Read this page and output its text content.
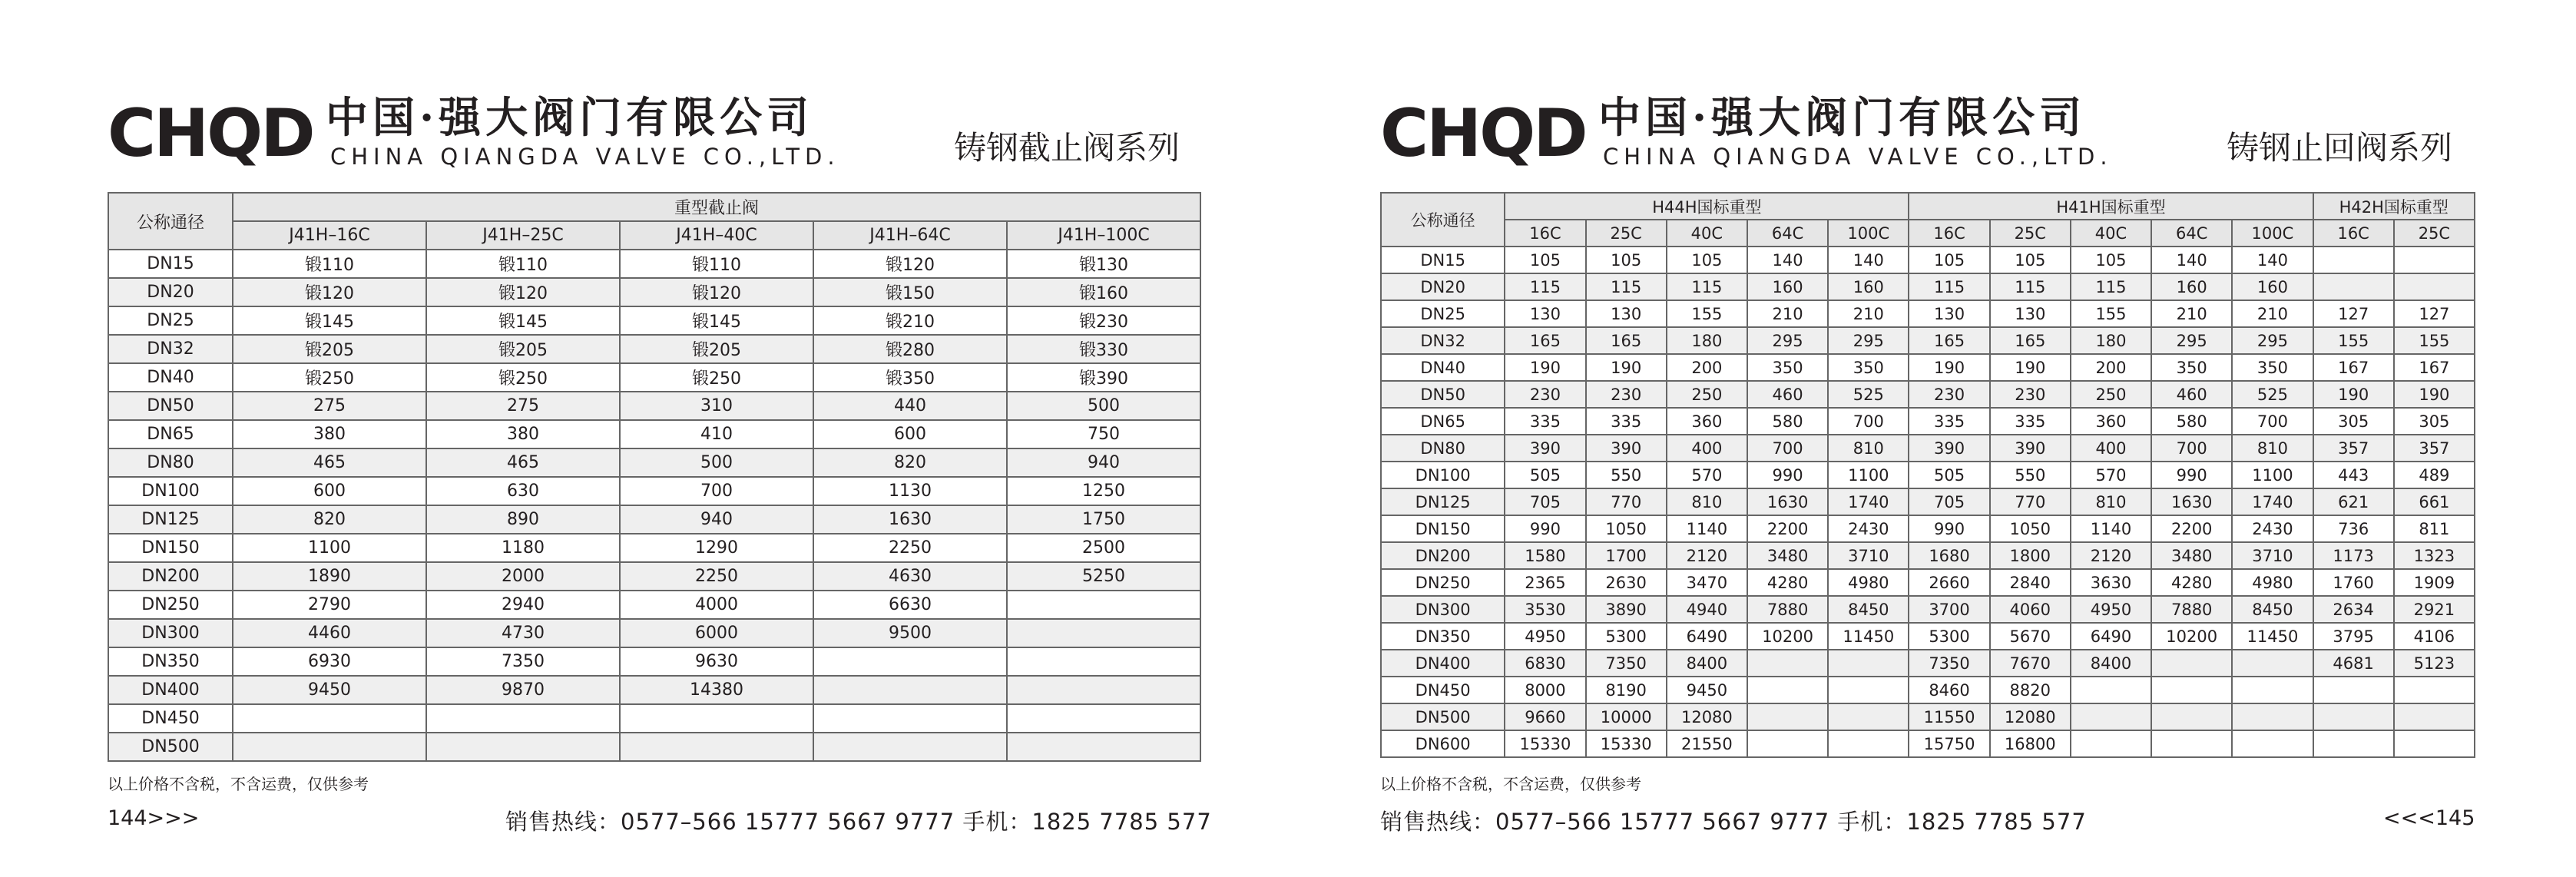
CHQD 中国·强大阀门有限公司
CHINA QIANGDA VALVE CO.,LTD.	铸钢截止阀系列
公称通径	重型截止阀				
	J41H–16C	J41H–25C	J41H–40C	J41H–64C	J41H–100C
DN15	锻110	锻110	锻110	锻120	锻130
DN20	锻120	锻120	锻120	锻150	锻160
DN25	锻145	锻145	锻145	锻210	锻230
DN32	锻205	锻205	锻205	锻280	锻330
DN40	锻250	锻250	锻250	锻350	锻390
DN50	275	275	310	440	500
DN65	380	380	410	600	750
DN80	465	465	500	820	940
DN100	600	630	700	1130	1250
DN125	820	890	940	1630	1750
DN150	1100	1180	1290	2250	2500
DN200	1890	2000	2250	4630	5250
DN250	2790	2940	4000	6630	
DN300	4460	4730	6000	9500	
DN350	6930	7350	9630		
DN400	9450	9870	14380		
DN450					
DN500					
以上价格不含税，不含运费，仅供参考
144>>>	销售热线：0577–566 15777 5667 9777 手机：1825 7785 577
CHQD 中国·强大阀门有限公司
CHINA QIANGDA VALVE CO.,LTD.	铸钢止回阀系列
公称通径	H44H国标重型					H41H国标重型					H42H国标重型	
	16C	25C	40C	64C	100C	16C	25C	40C	64C	100C	16C	25C
DN15	105	105	105	140	140	105	105	105	140	140		
DN20	115	115	115	160	160	115	115	115	160	160		
DN25	130	130	155	210	210	130	130	155	210	210	127	127
DN32	165	165	180	295	295	165	165	180	295	295	155	155
DN40	190	190	200	350	350	190	190	200	350	350	167	167
DN50	230	230	250	460	525	230	230	250	460	525	190	190
DN65	335	335	360	580	700	335	335	360	580	700	305	305
DN80	390	390	400	700	810	390	390	400	700	810	357	357
DN100	505	550	570	990	1100	505	550	570	990	1100	443	489
DN125	705	770	810	1630	1740	705	770	810	1630	1740	621	661
DN150	990	1050	1140	2200	2430	990	1050	1140	2200	2430	736	811
DN200	1580	1700	2120	3480	3710	1680	1800	2120	3480	3710	1173	1323
DN250	2365	2630	3470	4280	4980	2660	2840	3630	4280	4980	1760	1909
DN300	3530	3890	4940	7880	8450	3700	4060	4950	7880	8450	2634	2921
DN350	4950	5300	6490	10200	11450	5300	5670	6490	10200	11450	3795	4106
DN400	6830	7350	8400			7350	7670	8400			4681	5123
DN450	8000	8190	9450			8460	8820					
DN500	9660	10000	12080			11550	12080					
DN600	15330	15330	21550			15750	16800					
以上价格不含税，不含运费，仅供参考
销售热线：0577–566 15777 5667 9777 手机：1825 7785 577	<<<145
